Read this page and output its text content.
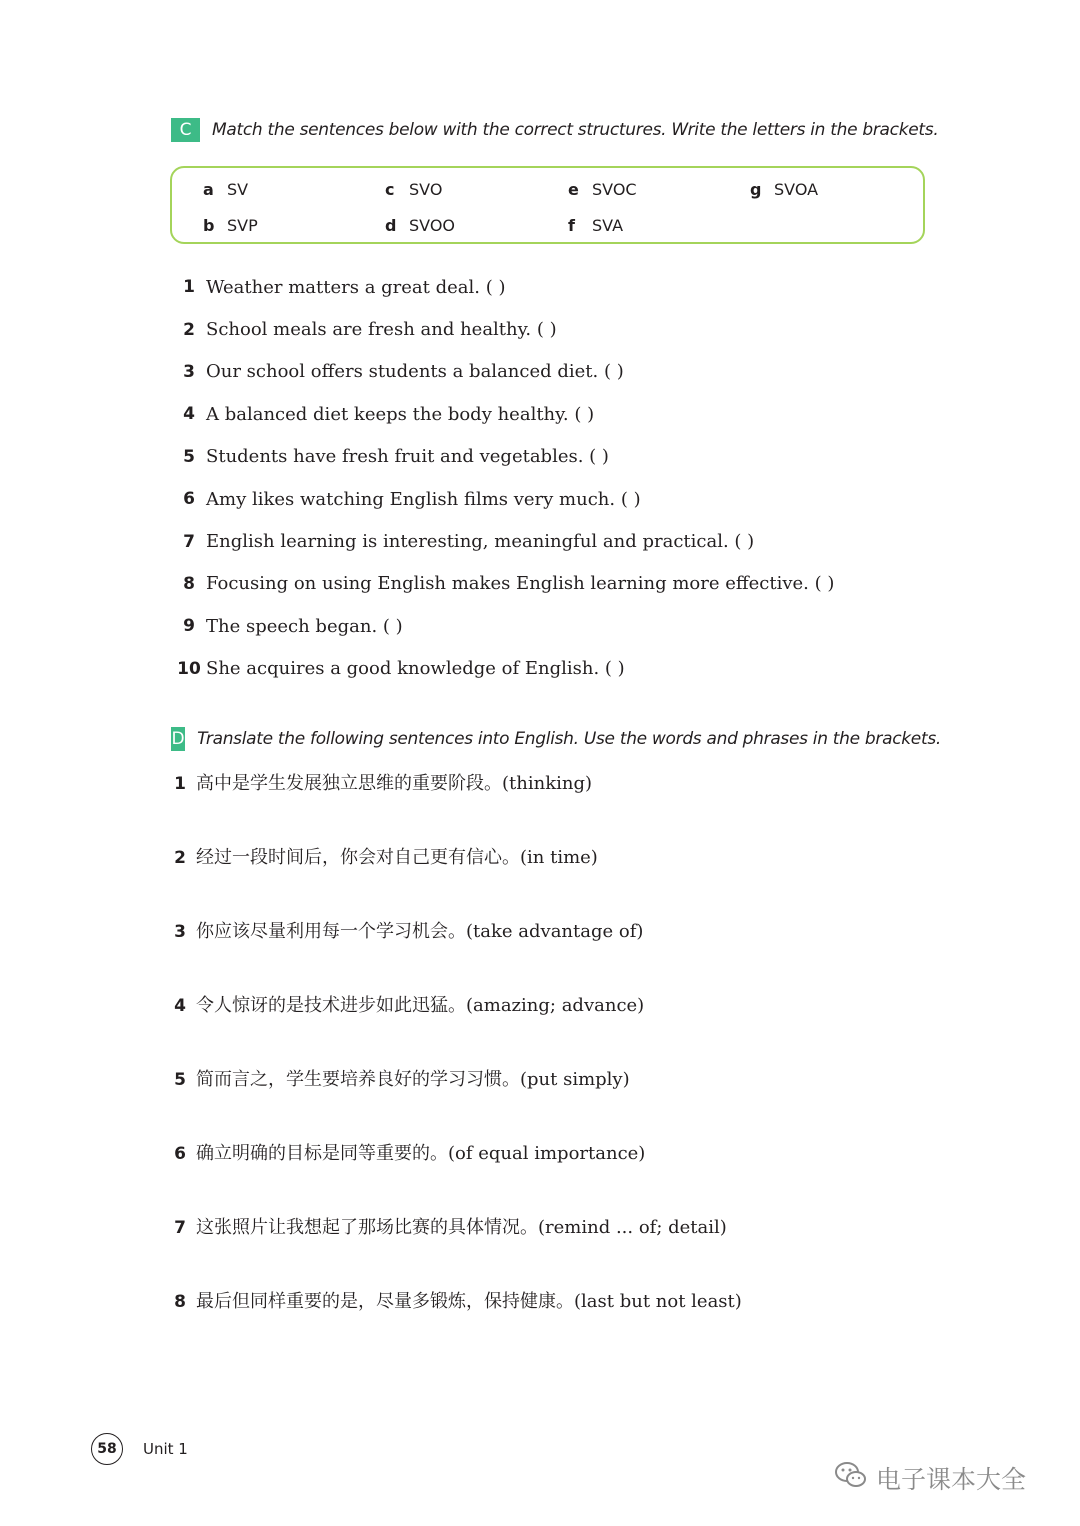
C	Match the sentences below with the correct structures. Write the letters in the brackets.
a SV
b SVP
c SVO
d SVOO
e SVOC
f	SVA
g SVOA
1 Weather matters a great deal. ( )
2 School meals are fresh and healthy. ( )
3 Our school offers students a balanced diet. ( )
4 A balanced diet keeps the body healthy. ( )
5 Students have fresh fruit and vegetables. ( )
6 Amy likes watching English films very much. ( )
7 English learning is interesting, meaningful and practical. ( )
8 Focusing on using English makes English learning more effective. ( )
9 The speech began. ( )
10 She acquires a good knowledge of English. ( )
D Translate the following sentences into English. Use the words and phrases in the brackets.
1 高中是学生发展独立思维的重要阶段。(thinking)
2 经过一段时间后，你会对自己更有信心。(in time)
3 你应该尽量利用每一个学习机会。(take advantage of)
4 令人惊讶的是技术进步如此迅猛。(amazing; advance)
5 简而言之，学生要培养良好的学习习惯。(put simply)
6 确立明确的目标是同等重要的。(of equal importance)
7 这张照片让我想起了那场比赛的具体情况。(remind ... of; detail)
8 最后但同样重要的是，尽量多锻炼，保持健康。(last but not least)
58	Unit 1
电子课本大全
